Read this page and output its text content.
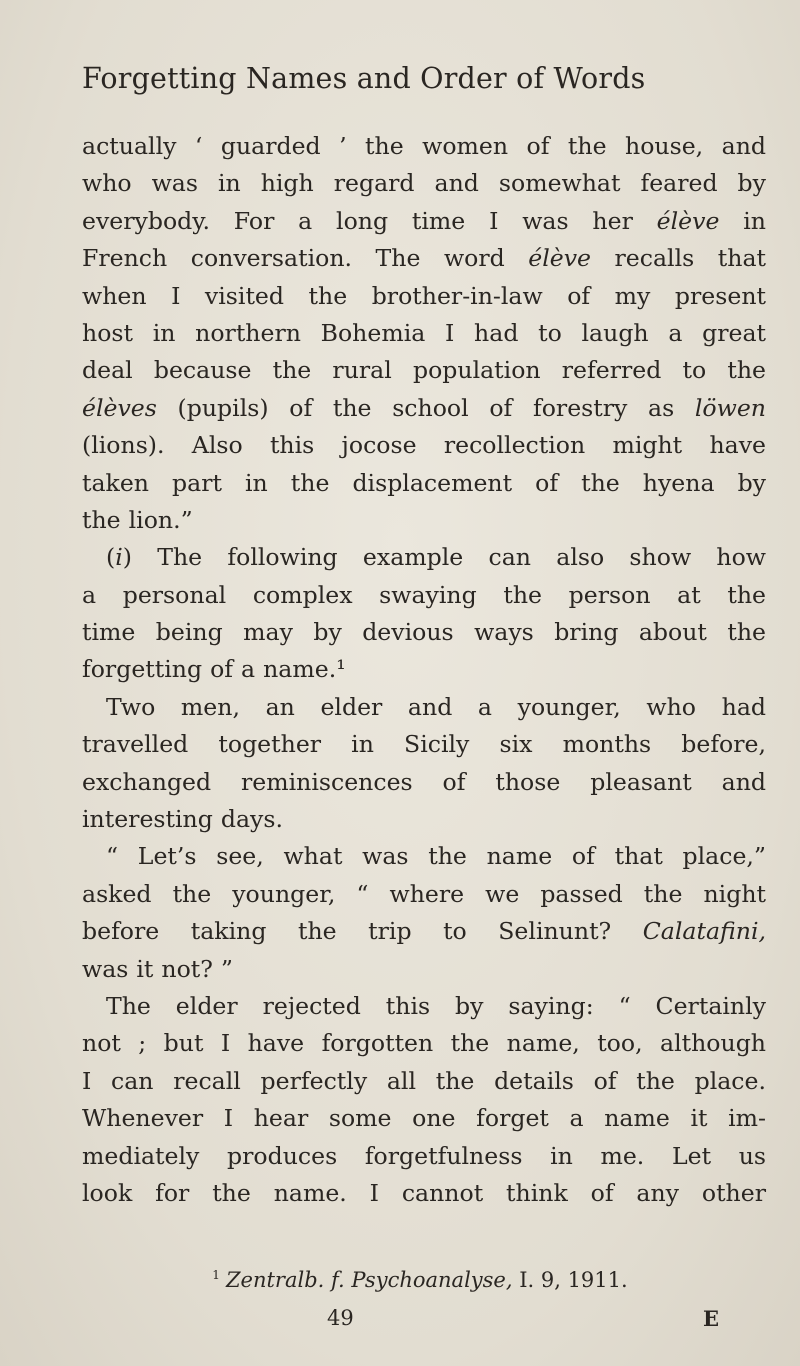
Forgetting Names and Order of Words
actually ‘ guarded ’ the women of the house, and
who was in high regard and somewhat feared by
everybody. For a long time I was her élève in
French conversation. The word élève recalls that
when I visited the brother-in-law of my present
host in northern Bohemia I had to laugh a great
deal because the rural population referred to the
élèves (pupils) of the school of forestry as löwen
(lions). Also this jocose recollection might have
taken part in the displacement of the hyena by
the lion.”
(i) The following example can also show how
a personal complex swaying the person at the
time being may by devious ways bring about the
forgetting of a name.¹
Two men, an elder and a younger, who had
travelled together in Sicily six months before,
exchanged reminiscences of those pleasant and
interesting days.
“ Let’s see, what was the name of that place,”
asked the younger, “ where we passed the night
before taking the trip to Selinunt? Calatafini,
was it not? ”
The elder rejected this by saying: “ Certainly
not ; but I have forgotten the name, too, although
I can recall perfectly all the details of the place.
Whenever I hear some one forget a name it im-
mediately produces forgetfulness in me. Let us
look for the name. I cannot think of any other
$^1$ Zentralb. f. Psychoanalyse, I. 9, 1911.
49	E
